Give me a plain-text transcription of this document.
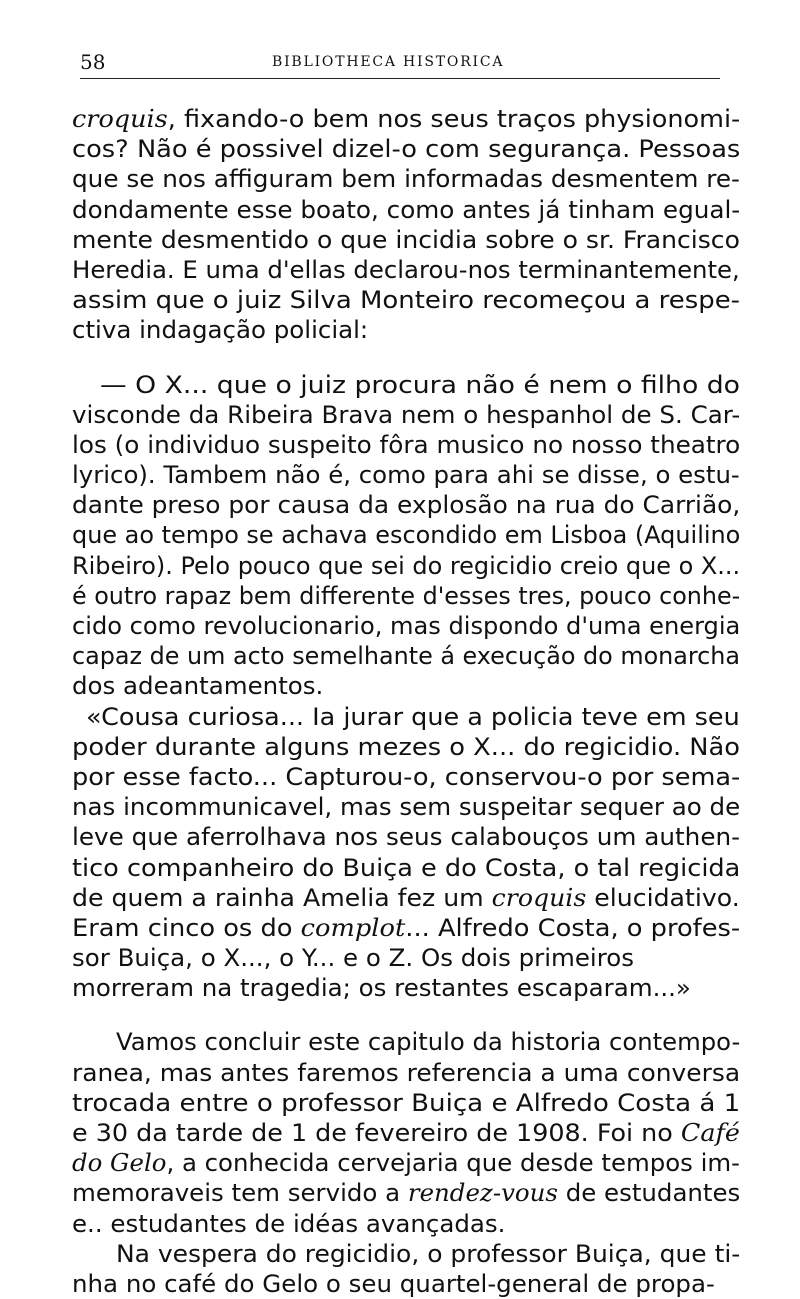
58	BIBLIOTHECA HISTORICA
croquis, fixando-o bem nos seus traços physionomi-
cos? Não é possivel dizel-o com segurança. Pessoas
que se nos affiguram bem informadas desmentem re-
dondamente esse boato, como antes já tinham egual-
mente desmentido o que incidia sobre o sr. Francisco
Heredia. E uma d'ellas declarou-nos terminantemente,
assim que o juiz Silva Monteiro recomeçou a respe-
ctiva indagação policial:
— O X... que o juiz procura não é nem o filho do
visconde da Ribeira Brava nem o hespanhol de S. Car-
los (o individuo suspeito fôra musico no nosso theatro
lyrico). Tambem não é, como para ahi se disse, o estu-
dante preso por causa da explosão na rua do Carrião,
que ao tempo se achava escondido em Lisboa (Aquilino
Ribeiro). Pelo pouco que sei do regicidio creio que o X...
é outro rapaz bem differente d'esses tres, pouco conhe-
cido como revolucionario, mas dispondo d'uma energia
capaz de um acto semelhante á execução do monarcha
dos adeantamentos.
«Cousa curiosa... Ia jurar que a policia teve em seu
poder durante alguns mezes o X... do regicidio. Não
por esse facto... Capturou-o, conservou-o por sema-
nas incommunicavel, mas sem suspeitar sequer ao de
leve que aferrolhava nos seus calabouços um authen-
tico companheiro do Buiça e do Costa, o tal regicida
de quem a rainha Amelia fez um croquis elucidativo.
Eram cinco os do complot... Alfredo Costa, o profes-
sor Buiça, o X..., o Y... e o Z. Os dois primeiros
morreram na tragedia; os restantes escaparam...»
Vamos concluir este capitulo da historia contempo-
ranea, mas antes faremos referencia a uma conversa
trocada entre o professor Buiça e Alfredo Costa á 1
e 30 da tarde de 1 de fevereiro de 1908. Foi no Café
do Gelo, a conhecida cervejaria que desde tempos im-
memoraveis tem servido a rendez-vous de estudantes
e.. estudantes de idéas avançadas.
Na vespera do regicidio, o professor Buiça, que ti-
nha no café do Gelo o seu quartel-general de propa-
